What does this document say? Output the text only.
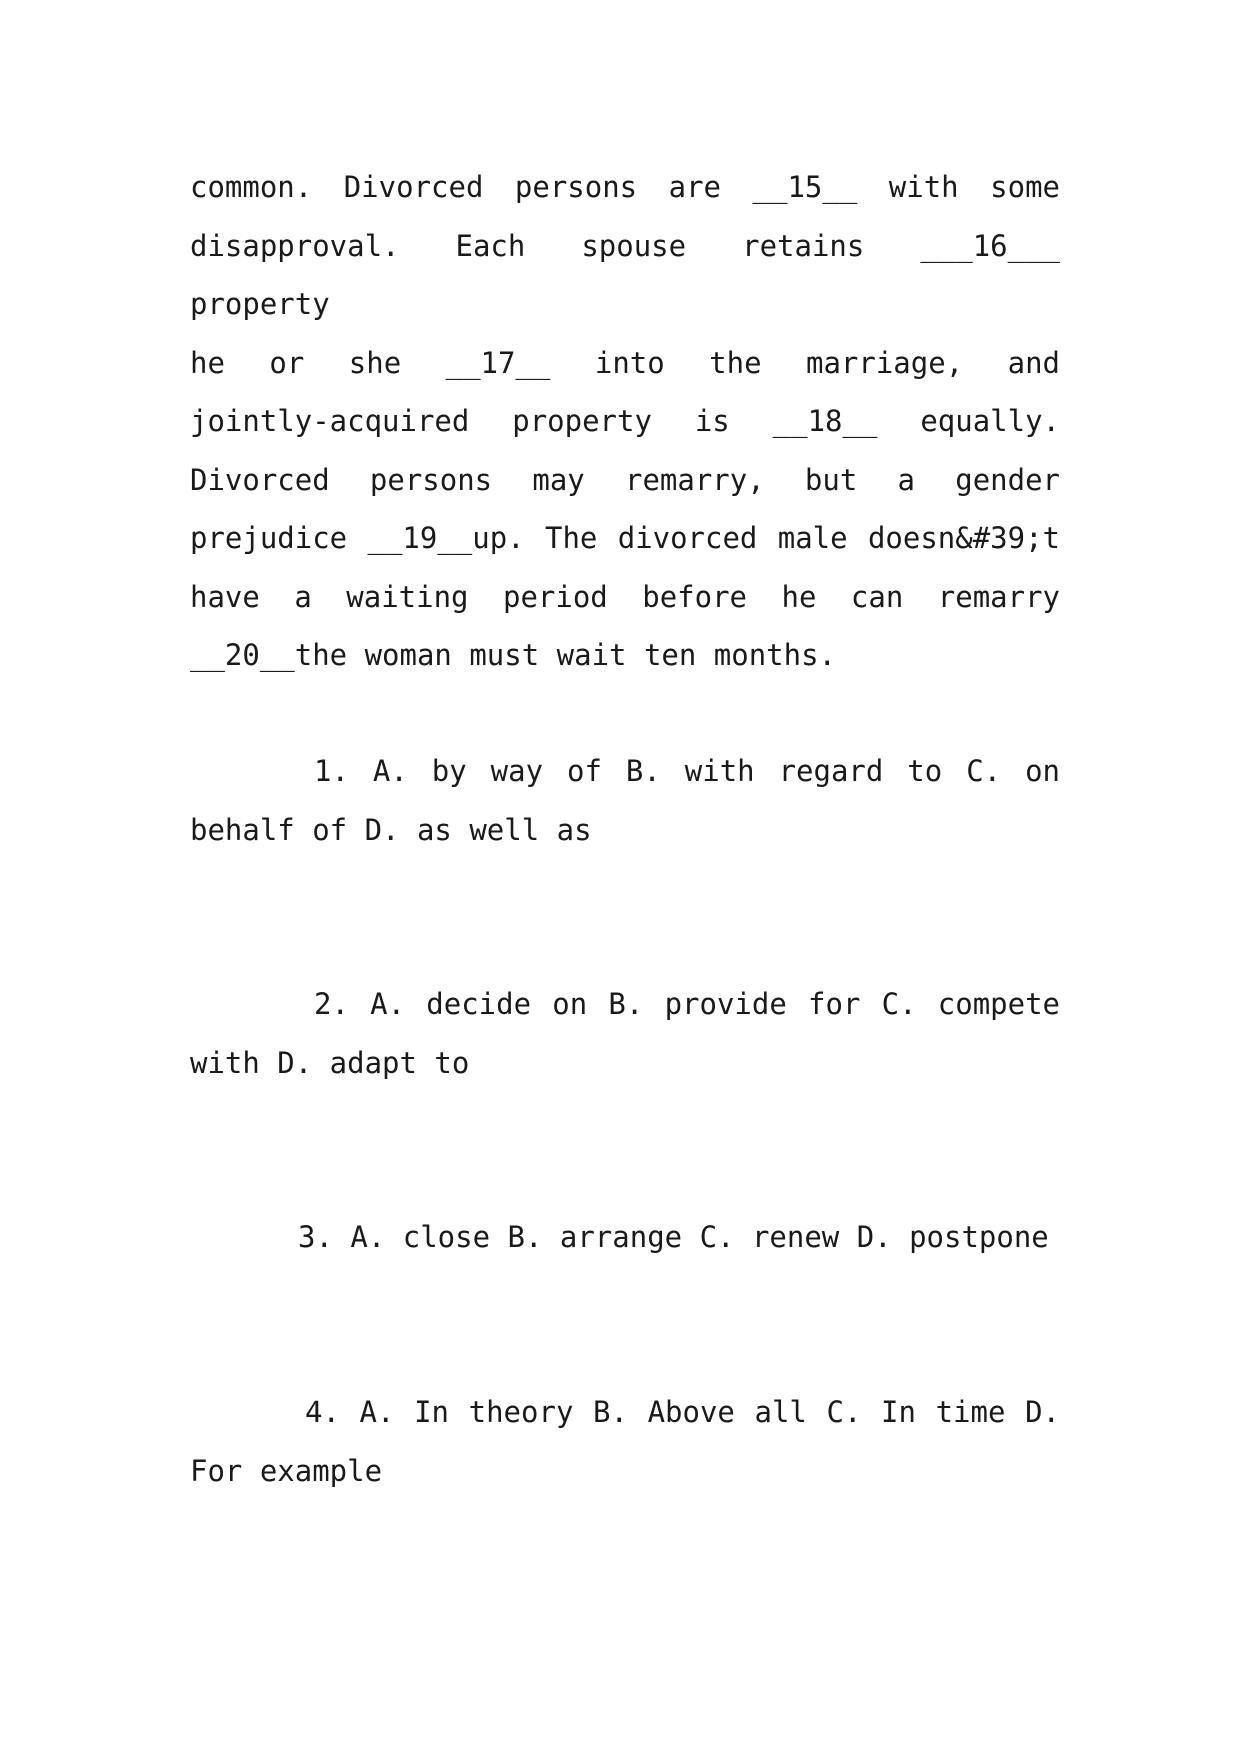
common. Divorced persons are __15__ with some
disapproval. Each spouse retains ___16___ property
he or she __17__ into the marriage, and
jointly-acquired property is __18__ equally.
Divorced persons may remarry, but a gender
prejudice __19__up. The divorced male doesn&#39;t
have a waiting period before he can remarry
__20__the woman must wait ten months.
1. A. by way of B. with regard to C. on
behalf of D. as well as
2. A. decide on B. provide for C. compete
with D. adapt to
3. A. close B. arrange C. renew D. postpone
4. A. In theory B. Above all C. In time D.
For example
